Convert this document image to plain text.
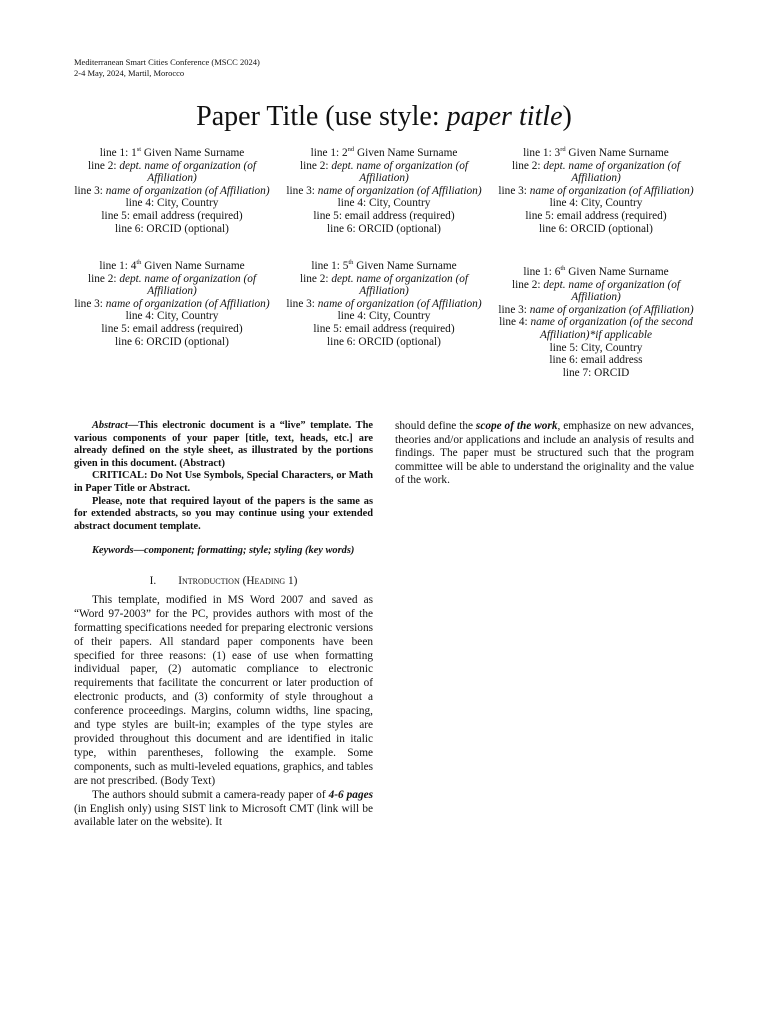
Mediterranean Smart Cities Conference (MSCC 2024)
2-4 May, 2024, Martil, Morocco
Paper Title (use style: paper title)
line 1: 1st Given Name Surname
line 2: dept. name of organization (of Affiliation)
line 3: name of organization (of Affiliation)
line 4: City, Country
line 5: email address (required)
line 6: ORCID (optional)
line 1: 2nd Given Name Surname
line 2: dept. name of organization (of Affiliation)
line 3: name of organization (of Affiliation)
line 4: City, Country
line 5: email address (required)
line 6: ORCID (optional)
line 1: 3rd Given Name Surname
line 2: dept. name of organization (of Affiliation)
line 3: name of organization (of Affiliation)
line 4: City, Country
line 5: email address (required)
line 6: ORCID (optional)
line 1: 4th Given Name Surname
line 2: dept. name of organization (of Affiliation)
line 3: name of organization (of Affiliation)
line 4: City, Country
line 5: email address (required)
line 6: ORCID (optional)
line 1: 5th Given Name Surname
line 2: dept. name of organization (of Affiliation)
line 3: name of organization (of Affiliation)
line 4: City, Country
line 5: email address (required)
line 6: ORCID (optional)
line 1: 6th Given Name Surname
line 2: dept. name of organization (of Affiliation)
line 3: name of organization (of Affiliation)
line 4: name of organization (of the second Affiliation)*if applicable
line 5: City, Country
line 6: email address
line 7: ORCID

Abstract—This electronic document is a “live” template. The various components of your paper [title, text, heads, etc.] are already defined on the style sheet, as illustrated by the portions given in this document. (Abstract)

CRITICAL: Do Not Use Symbols, Special Characters, or Math in Paper Title or Abstract.

Please, note that required layout of the papers is the same as for extended abstracts, so you may continue using your extended abstract document template.

Keywords—component; formatting; style; styling (key words)

I. Introduction (Heading 1)

This template, modified in MS Word 2007 and saved as “Word 97-2003” for the PC, provides authors with most of the formatting specifications needed for preparing electronic versions of their papers. All standard paper components have been specified for three reasons: (1) ease of use when formatting individual paper, (2) automatic compliance to electronic requirements that facilitate the concurrent or later production of electronic products, and (3) conformity of style throughout a conference proceedings. Margins, column widths, line spacing, and type styles are built-in; examples of the type styles are provided throughout this document and are identified in italic type, within parentheses, following the example. Some components, such as multi-leveled equations, graphics, and tables are not prescribed. (Body Text)

The authors should submit a camera-ready paper of 4-6 pages (in English only) using SIST link to Microsoft CMT (link will be available later on the website). It

should define the scope of the work, emphasize on new advances, theories and/or applications and include an analysis of results and findings. The paper must be structured such that the program committee will be able to understand the originality and the value of the work.
